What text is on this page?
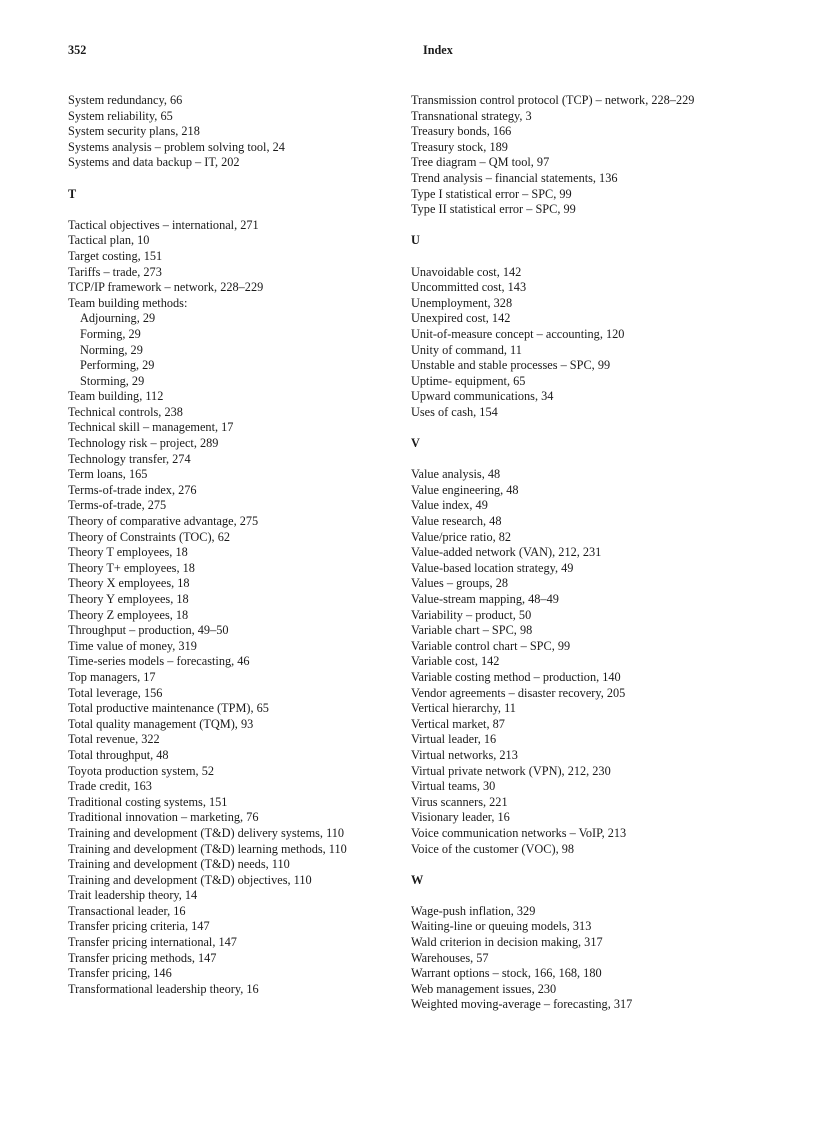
352	Index
System redundancy, 66
System reliability, 65
System security plans, 218
Systems analysis – problem solving tool, 24
Systems and data backup – IT, 202
T
Tactical objectives – international, 271
Tactical plan, 10
Target costing, 151
Tariffs – trade, 273
TCP/IP framework – network, 228–229
Team building methods:
Adjourning, 29
Forming, 29
Norming, 29
Performing, 29
Storming, 29
Team building, 112
Technical controls, 238
Technical skill – management, 17
Technology risk – project, 289
Technology transfer, 274
Term loans, 165
Terms-of-trade index, 276
Terms-of-trade, 275
Theory of comparative advantage, 275
Theory of Constraints (TOC), 62
Theory T employees, 18
Theory T+ employees, 18
Theory X employees, 18
Theory Y employees, 18
Theory Z employees, 18
Throughput – production, 49–50
Time value of money, 319
Time-series models – forecasting, 46
Top managers, 17
Total leverage, 156
Total productive maintenance (TPM), 65
Total quality management (TQM), 93
Total revenue, 322
Total throughput, 48
Toyota production system, 52
Trade credit, 163
Traditional costing systems, 151
Traditional innovation – marketing, 76
Training and development (T&D) delivery systems, 110
Training and development (T&D) learning methods, 110
Training and development (T&D) needs, 110
Training and development (T&D) objectives, 110
Trait leadership theory, 14
Transactional leader, 16
Transfer pricing criteria, 147
Transfer pricing international, 147
Transfer pricing methods, 147
Transfer pricing, 146
Transformational leadership theory, 16
Transmission control protocol (TCP) – network, 228–229
Transnational strategy, 3
Treasury bonds, 166
Treasury stock, 189
Tree diagram – QM tool, 97
Trend analysis – financial statements, 136
Type I statistical error – SPC, 99
Type II statistical error – SPC, 99
U
Unavoidable cost, 142
Uncommitted cost, 143
Unemployment, 328
Unexpired cost, 142
Unit-of-measure concept – accounting, 120
Unity of command, 11
Unstable and stable processes – SPC, 99
Uptime- equipment, 65
Upward communications, 34
Uses of cash, 154
V
Value analysis, 48
Value engineering, 48
Value index, 49
Value research, 48
Value/price ratio, 82
Value-added network (VAN), 212, 231
Value-based location strategy, 49
Values – groups, 28
Value-stream mapping, 48–49
Variability – product, 50
Variable chart – SPC, 98
Variable control chart – SPC, 99
Variable cost, 142
Variable costing method – production, 140
Vendor agreements – disaster recovery, 205
Vertical hierarchy, 11
Vertical market, 87
Virtual leader, 16
Virtual networks, 213
Virtual private network (VPN), 212, 230
Virtual teams, 30
Virus scanners, 221
Visionary leader, 16
Voice communication networks – VoIP, 213
Voice of the customer (VOC), 98
W
Wage-push inflation, 329
Waiting-line or queuing models, 313
Wald criterion in decision making, 317
Warehouses, 57
Warrant options – stock, 166, 168, 180
Web management issues, 230
Weighted moving-average – forecasting, 317
